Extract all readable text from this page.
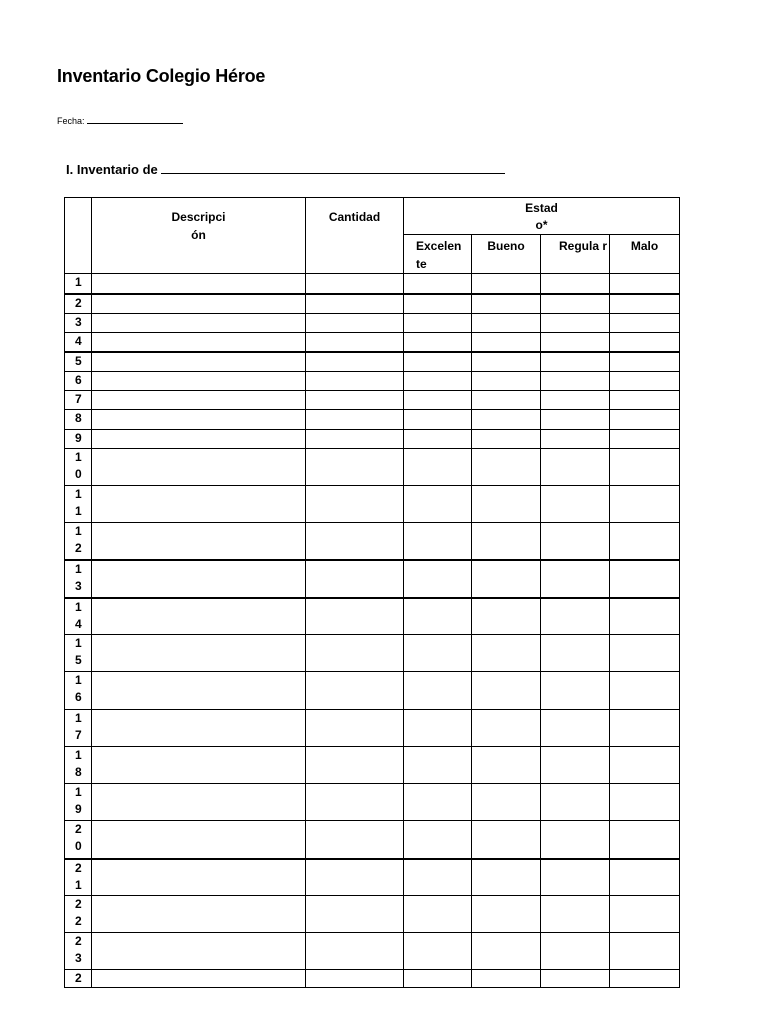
Inventario Colegio Héroe
Fecha:
I. Inventario de

	Descripci ón	Cantidad	Estad o*			

			Excelen te	Bueno	Regula r	Malo

1						

2						

3						

4						

5						

6						

7						

8						

9						

10						

11						

12						

13						

14						

15						

16						

17						

18						

19						

20						

21						

22						

23						

2						
